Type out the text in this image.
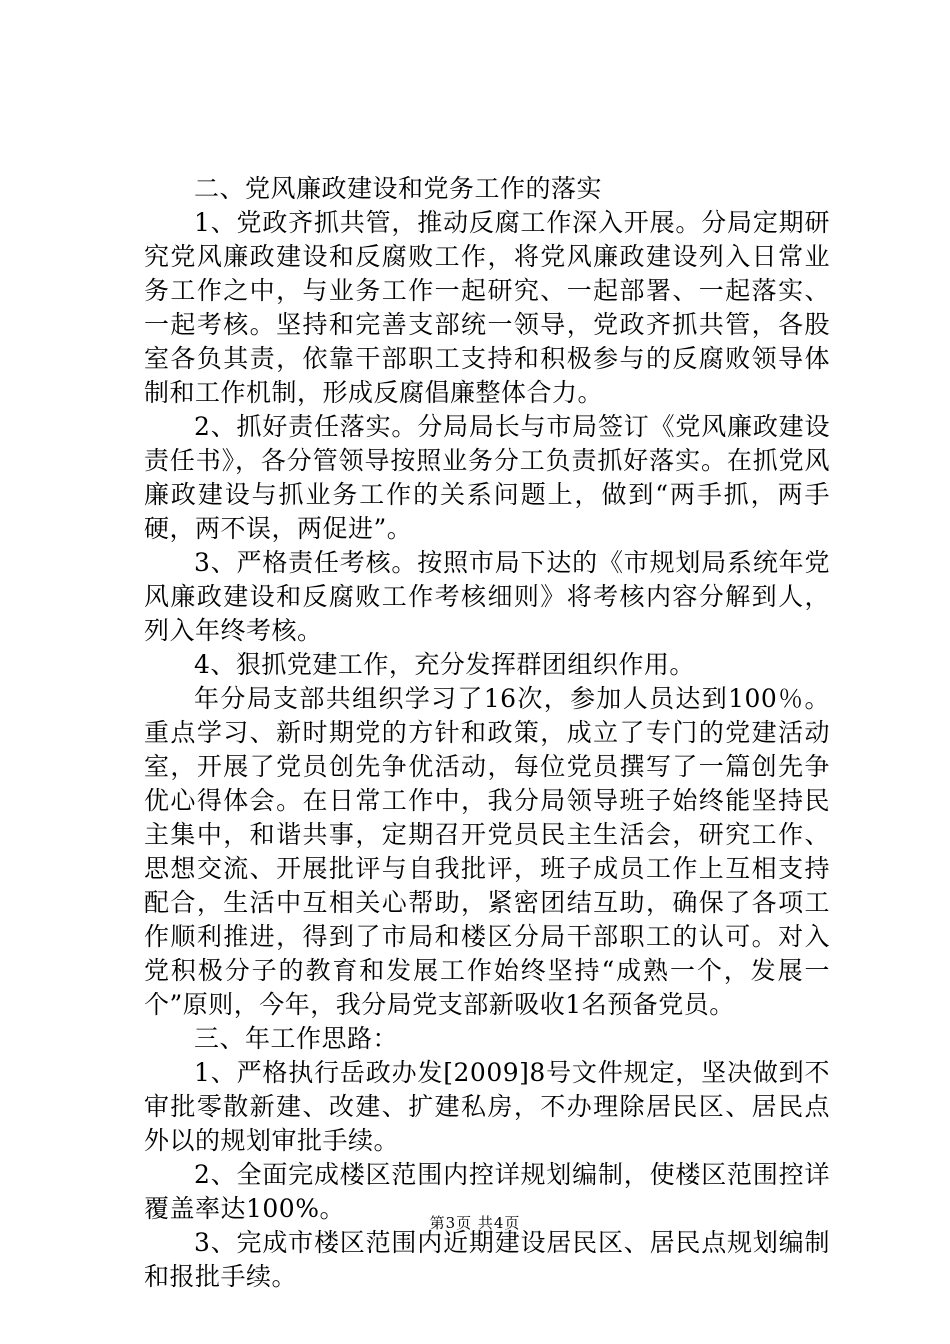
二、党风廉政建设和党务工作的落实

1、党政齐抓共管，推动反腐工作深入开展。分局定期研究党风廉政建设和反腐败工作，将党风廉政建设列入日常业务工作之中，与业务工作一起研究、一起部署、一起落实、一起考核。坚持和完善支部统一领导，党政齐抓共管，各股室各负其责，依靠干部职工支持和积极参与的反腐败领导体制和工作机制，形成反腐倡廉整体合力。

2、抓好责任落实。分局局长与市局签订《党风廉政建设责任书》，各分管领导按照业务分工负责抓好落实。在抓党风廉政建设与抓业务工作的关系问题上，做到“两手抓，两手硬，两不误，两促进”。

3、严格责任考核。按照市局下达的《市规划局系统年党风廉政建设和反腐败工作考核细则》将考核内容分解到人，列入年终考核。

4、狠抓党建工作，充分发挥群团组织作用。

年分局支部共组织学习了16次，参加人员达到100％。重点学习、新时期党的方针和政策，成立了专门的党建活动室，开展了党员创先争优活动，每位党员撰写了一篇创先争优心得体会。在日常工作中，我分局领导班子始终能坚持民主集中，和谐共事，定期召开党员民主生活会，研究工作、思想交流、开展批评与自我批评，班子成员工作上互相支持配合，生活中互相关心帮助，紧密团结互助，确保了各项工作顺利推进，得到了市局和楼区分局干部职工的认可。对入党积极分子的教育和发展工作始终坚持“成熟一个，发展一个”原则，今年，我分局党支部新吸收1名预备党员。

三、年工作思路：

1、严格执行岳政办发[2009]8号文件规定，坚决做到不审批零散新建、改建、扩建私房，不办理除居民区、居民点外以的规划审批手续。

2、全面完成楼区范围内控详规划编制，使楼区范围控详覆盖率达100%。

3、完成市楼区范围内近期建设居民区、居民点规划编制和报批手续。

第3页 共4页
